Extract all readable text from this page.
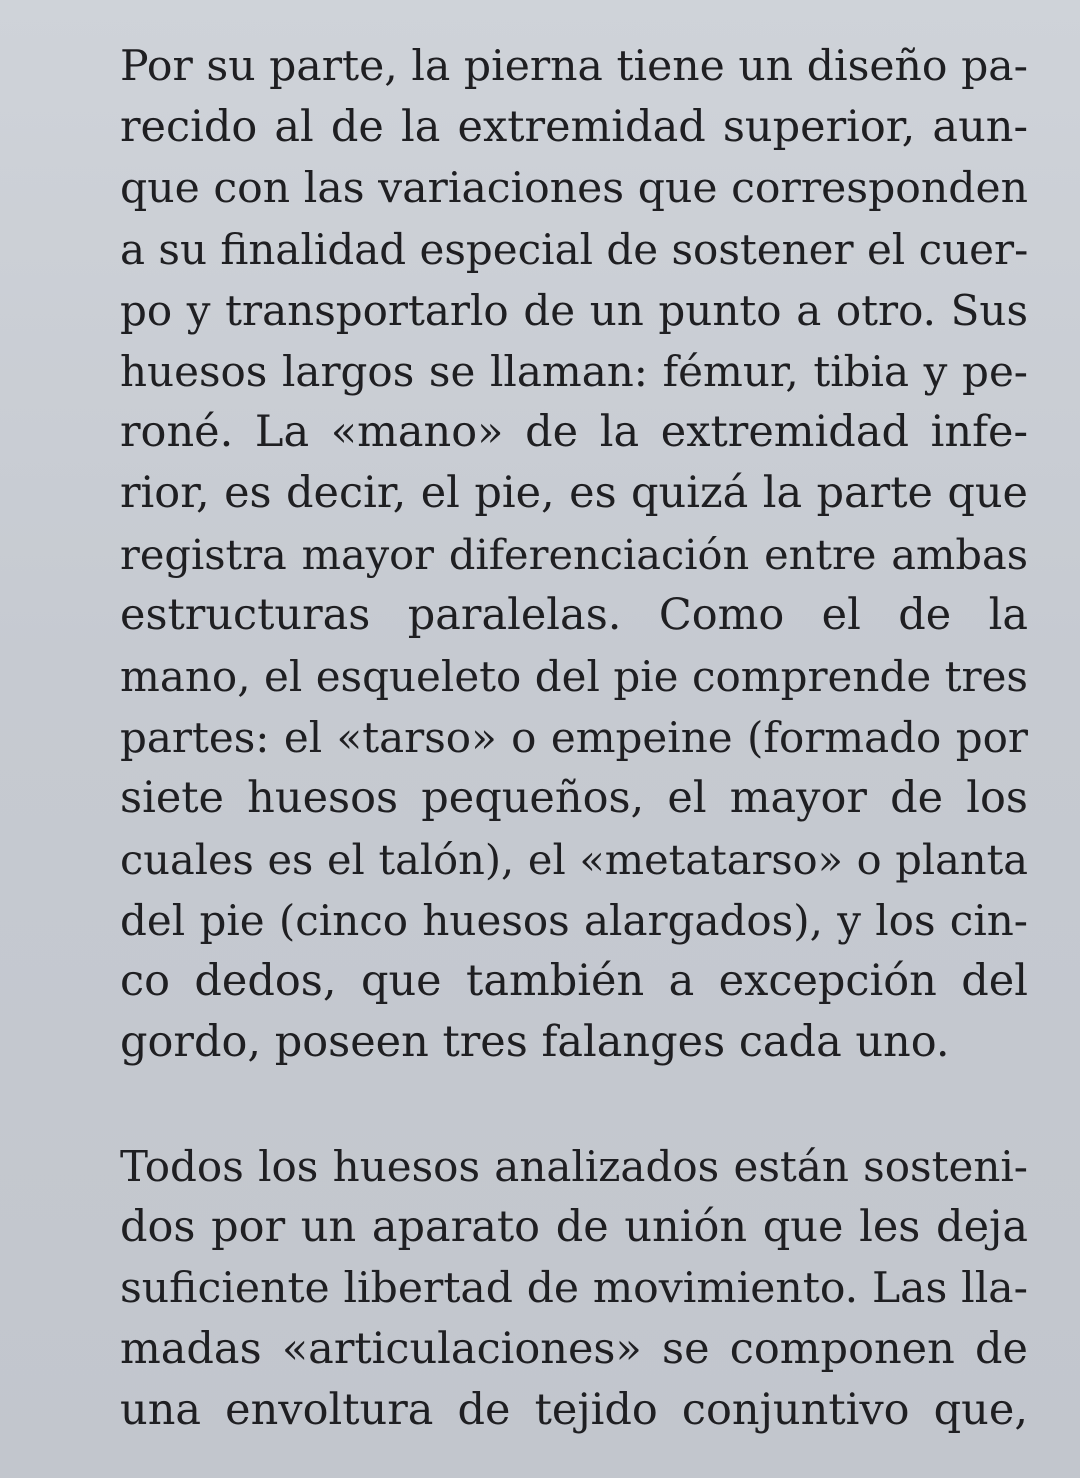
Por su parte, la pierna tiene un diseño pa-
recido al de la extremidad superior, aun-
que con las variaciones que corresponden
a su finalidad especial de sostener el cuer-
po y transportarlo de un punto a otro. Sus
huesos largos se llaman: fémur, tibia y pe-
roné. La «mano» de la extremidad infe-
rior, es decir, el pie, es quizá la parte que
registra mayor diferenciación entre ambas
estructuras paralelas. Como el de la
mano, el esqueleto del pie comprende tres
partes: el «tarso» o empeine (formado por
siete huesos pequeños, el mayor de los
cuales es el talón), el «metatarso» o planta
del pie (cinco huesos alargados), y los cin-
co dedos, que también a excepción del
gordo, poseen tres falanges cada uno.
Todos los huesos analizados están sosteni-
dos por un aparato de unión que les deja
suficiente libertad de movimiento. Las lla-
madas «articulaciones» se componen de
una envoltura de tejido conjuntivo que,
